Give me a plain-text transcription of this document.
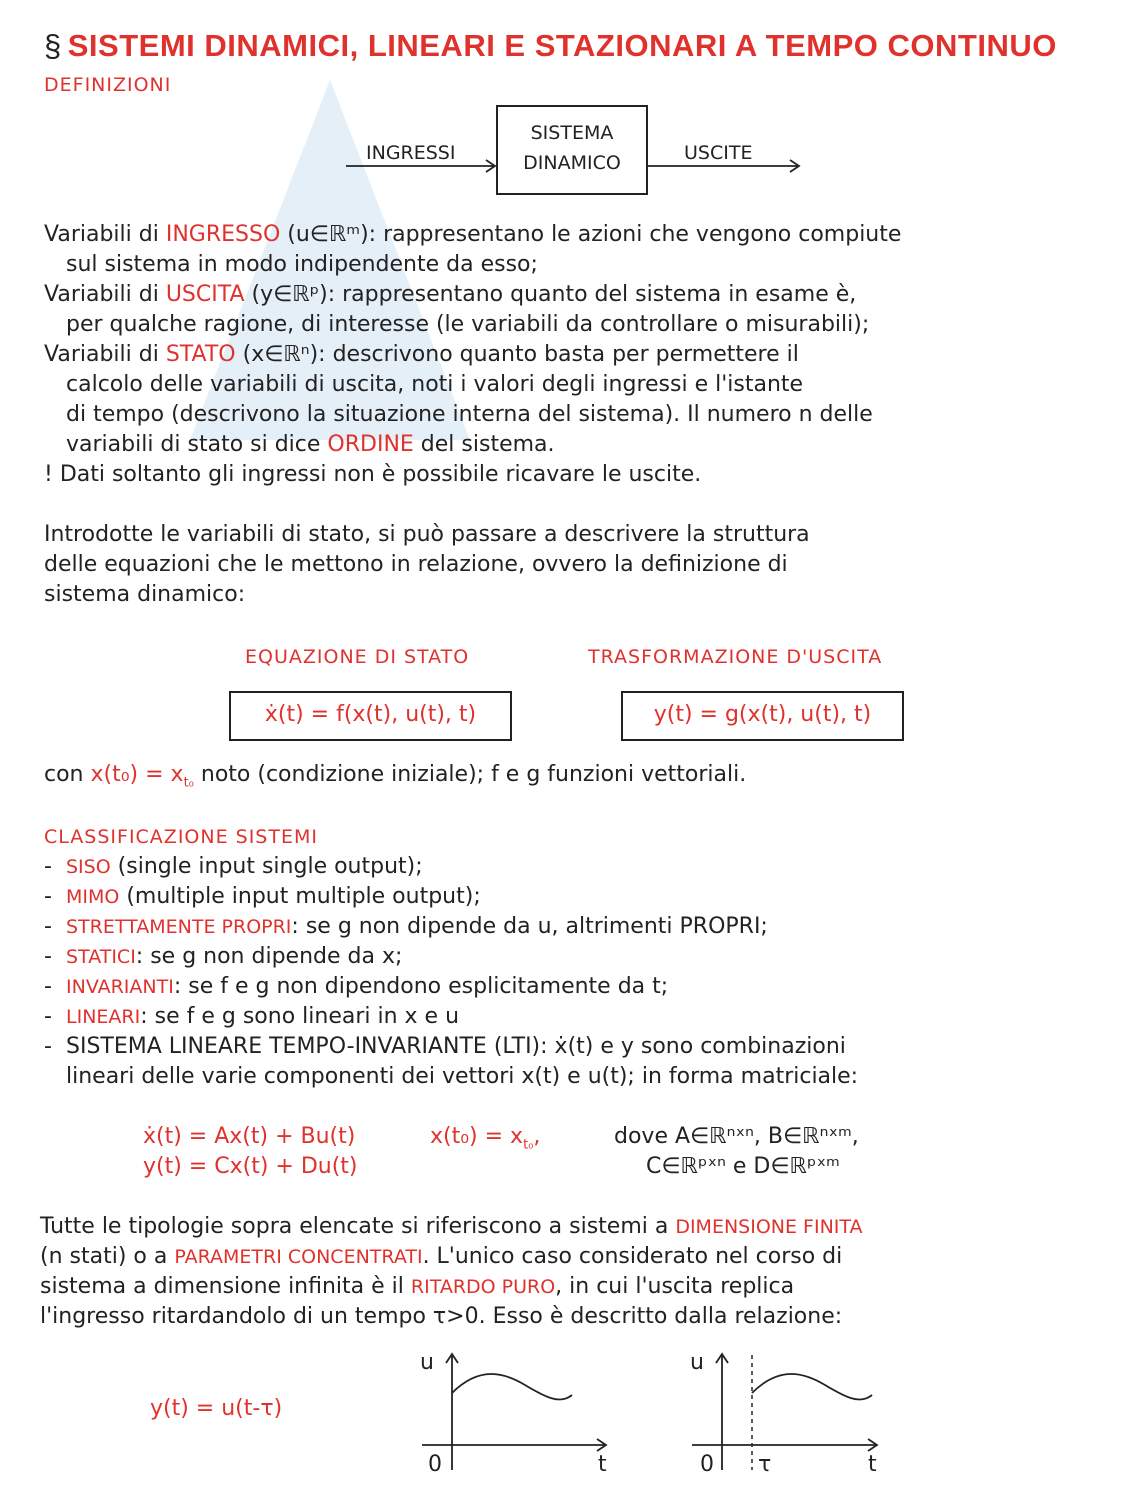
§ SISTEMI DINAMICI, LINEARI E STAZIONARI A TEMPO CONTINUO
DEFINIZIONI
SISTEMA
DINAMICO
INGRESSI	USCITE

Variabili di INGRESSO (u∈ℝᵐ): rappresentano le azioni che vengono compiute

sul sistema in modo indipendente da esso;

Variabili di USCITA (y∈ℝᵖ): rappresentano quanto del sistema in esame è,

per qualche ragione, di interesse (le variabili da controllare o misurabili);

Variabili di STATO (x∈ℝⁿ): descrivono quanto basta per permettere il

calcolo delle variabili di uscita, noti i valori degli ingressi e l'istante

di tempo (descrivono la situazione interna del sistema). Il numero n delle

variabili di stato si dice ORDINE del sistema.

! Dati soltanto gli ingressi non è possibile ricavare le uscite.

Introdotte le variabili di stato, si può passare a descrivere la struttura

delle equazioni che le mettono in relazione, ovvero la definizione di

sistema dinamico:

EQUAZIONE DI STATO	TRASFORMAZIONE D'USCITA
ẋ(t) = f(x(t), u(t), t)	y(t) = g(x(t), u(t), t)
con $x(t_0) = x_{t_0}$ noto (condizione iniziale); f e g funzioni vettoriali.
CLASSIFICAZIONE SISTEMI
- SISO (single input single output);
- MIMO (multiple input multiple output);
- STRETTAMENTE PROPRI: se g non dipende da u, altrimenti PROPRI;
- STATICI: se g non dipende da x;
- INVARIANTI: se f e g non dipendono esplicitamente da t;
- LINEARI: se f e g sono lineari in x e u
- SISTEMA LINEARE TEMPO-INVARIANTE (LTI): ẋ(t) e y sono combinazioni
lineari delle varie componenti dei vettori x(t) e u(t); in forma matriciale:
ẋ(t) = Ax(t) + Bu(t)
y(t) = Cx(t) + Du(t)
$x(t_0) = x_{t_0}$,	dove A∈ℝⁿˣⁿ, B∈ℝⁿˣᵐ,
C∈ℝᵖˣⁿ e D∈ℝᵖˣᵐ

Tutte le tipologie sopra elencate si riferiscono a sistemi a DIMENSIONE FINITA

(n stati) o a PARAMETRI CONCENTRATI. L'unico caso considerato nel corso di

sistema a dimensione infinita è il RITARDO PURO, in cui l'uscita replica

l'ingresso ritardandolo di un tempo τ>0. Esso è descritto dalla relazione:

y(t) = u(t-τ)
u
0	t
u
0 τ	t
